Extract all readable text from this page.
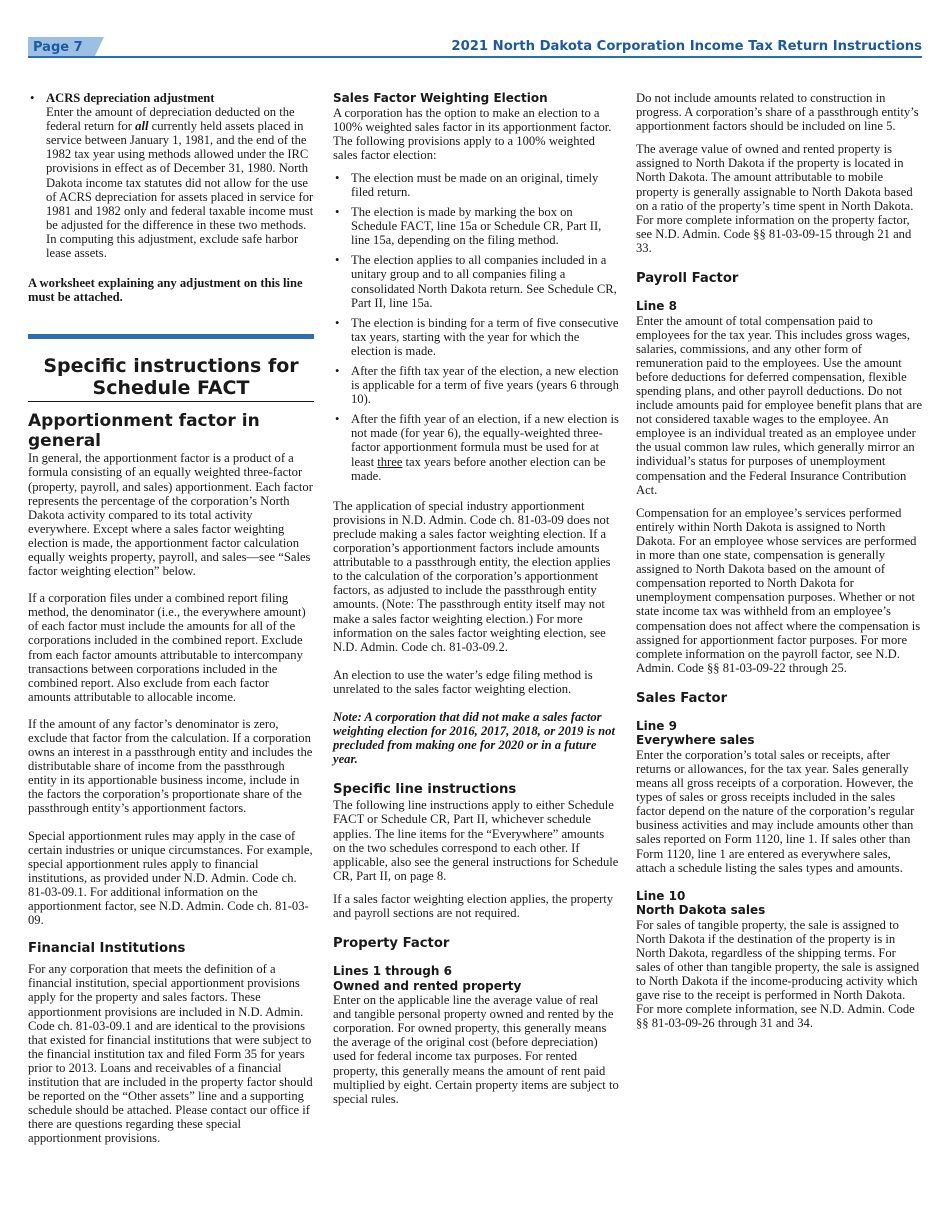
Page 7	2021 North Dakota Corporation Income Tax Return Instructions
• ACRS depreciation adjustment
Enter the amount of depreciation deducted on the federal return for all currently held assets placed in service between January 1, 1981, and the end of the 1982 tax year using methods allowed under the IRC provisions in effect as of December 31, 1980. North Dakota income tax statutes did not allow for the use of ACRS depreciation for assets placed in service for 1981 and 1982 only and federal taxable income must be adjusted for the difference in these two methods. In computing this adjustment, exclude safe harbor lease assets.

A worksheet explaining any adjustment on this line must be attached.

Specific instructions for Schedule FACT
Apportionment factor in general

In general, the apportionment factor is a product of a formula consisting of an equally weighted three-factor (property, payroll, and sales) apportionment. Each factor represents the percentage of the corporation’s North Dakota activity compared to its total activity everywhere. Except where a sales factor weighting election is made, the apportionment factor calculation equally weights property, payroll, and sales—see “Sales factor weighting election” below.

If a corporation files under a combined report filing method, the denominator (i.e., the everywhere amount) of each factor must include the amounts for all of the corporations included in the combined report. Exclude from each factor amounts attributable to intercompany transactions between corporations included in the combined report. Also exclude from each factor amounts attributable to allocable income.

If the amount of any factor’s denominator is zero, exclude that factor from the calculation. If a corporation owns an interest in a passthrough entity and includes the distributable share of income from the passthrough entity in its apportionable business income, include in the factors the corporation’s proportionate share of the passthrough entity’s apportionment factors.

Special apportionment rules may apply in the case of certain industries or unique circumstances. For example, special apportionment rules apply to financial institutions, as provided under N.D. Admin. Code ch. 81-03-09.1. For additional information on the apportionment factor, see N.D. Admin. Code ch. 81-03-09.

Financial Institutions

For any corporation that meets the definition of a financial institution, special apportionment provisions apply for the property and sales factors. These apportionment provisions are included in N.D. Admin. Code ch. 81-03-09.1 and are identical to the provisions that existed for financial institutions that were subject to the financial institution tax and filed Form 35 for years prior to 2013. Loans and receivables of a financial institution that are included in the property factor should be reported on the “Other assets” line and a supporting schedule should be attached. Please contact our office if there are questions regarding these special apportionment provisions.

Sales Factor Weighting Election

A corporation has the option to make an election to a 100% weighted sales factor in its apportionment factor. The following provisions apply to a 100% weighted sales factor election:

• The election must be made on an original, timely filed return.
• The election is made by marking the box on Schedule FACT, line 15a or Schedule CR, Part II, line 15a, depending on the filing method.
• The election applies to all companies included in a unitary group and to all companies filing a consolidated North Dakota return. See Schedule CR, Part II, line 15a.
• The election is binding for a term of five consecutive tax years, starting with the year for which the election is made.
• After the fifth tax year of the election, a new election is applicable for a term of five years (years 6 through 10).
• After the fifth year of an election, if a new election is not made (for year 6), the equally-weighted three-factor apportionment formula must be used for at least three tax years before another election can be made.

The application of special industry apportionment provisions in N.D. Admin. Code ch. 81-03-09 does not preclude making a sales factor weighting election. If a corporation’s apportionment factors include amounts attributable to a passthrough entity, the election applies to the calculation of the corporation’s apportionment factors, as adjusted to include the passthrough entity amounts. (Note: The passthrough entity itself may not make a sales factor weighting election.) For more information on the sales factor weighting election, see N.D. Admin. Code ch. 81-03-09.2.

An election to use the water’s edge filing method is unrelated to the sales factor weighting election.

Note: A corporation that did not make a sales factor weighting election for 2016, 2017, 2018, or 2019 is not precluded from making one for 2020 or in a future year.

Specific line instructions

The following line instructions apply to either Schedule FACT or Schedule CR, Part II, whichever schedule applies. The line items for the “Everywhere” amounts on the two schedules correspond to each other. If applicable, also see the general instructions for Schedule CR, Part II, on page 8.

If a sales factor weighting election applies, the property and payroll sections are not required.

Property Factor
Lines 1 through 6
Owned and rented property

Enter on the applicable line the average value of real and tangible personal property owned and rented by the corporation. For owned property, this generally means the average of the original cost (before depreciation) used for federal income tax purposes. For rented property, this generally means the amount of rent paid multiplied by eight. Certain property items are subject to special rules.

Do not include amounts related to construction in progress. A corporation’s share of a passthrough entity’s apportionment factors should be included on line 5.

The average value of owned and rented property is assigned to North Dakota if the property is located in North Dakota. The amount attributable to mobile property is generally assignable to North Dakota based on a ratio of the property’s time spent in North Dakota. For more complete information on the property factor, see N.D. Admin. Code §§ 81-03-09-15 through 21 and 33.

Payroll Factor
Line 8

Enter the amount of total compensation paid to employees for the tax year. This includes gross wages, salaries, commissions, and any other form of remuneration paid to the employees. Use the amount before deductions for deferred compensation, flexible spending plans, and other payroll deductions. Do not include amounts paid for employee benefit plans that are not considered taxable wages to the employee. An employee is an individual treated as an employee under the usual common law rules, which generally mirror an individual’s status for purposes of unemployment compensation and the Federal Insurance Contribution Act.

Compensation for an employee’s services performed entirely within North Dakota is assigned to North Dakota. For an employee whose services are performed in more than one state, compensation is generally assigned to North Dakota based on the amount of compensation reported to North Dakota for unemployment compensation purposes. Whether or not state income tax was withheld from an employee’s compensation does not affect where the compensation is assigned for apportionment factor purposes. For more complete information on the payroll factor, see N.D. Admin. Code §§ 81-03-09-22 through 25.

Sales Factor
Line 9
Everywhere sales

Enter the corporation’s total sales or receipts, after returns or allowances, for the tax year. Sales generally means all gross receipts of a corporation. However, the types of sales or gross receipts included in the sales factor depend on the nature of the corporation’s regular business activities and may include amounts other than sales reported on Form 1120, line 1. If sales other than Form 1120, line 1 are entered as everywhere sales, attach a schedule listing the sales types and amounts.

Line 10
North Dakota sales

For sales of tangible property, the sale is assigned to North Dakota if the destination of the property is in North Dakota, regardless of the shipping terms. For sales of other than tangible property, the sale is assigned to North Dakota if the income-producing activity which gave rise to the receipt is performed in North Dakota. For more complete information, see N.D. Admin. Code §§ 81-03-09-26 through 31 and 34.
